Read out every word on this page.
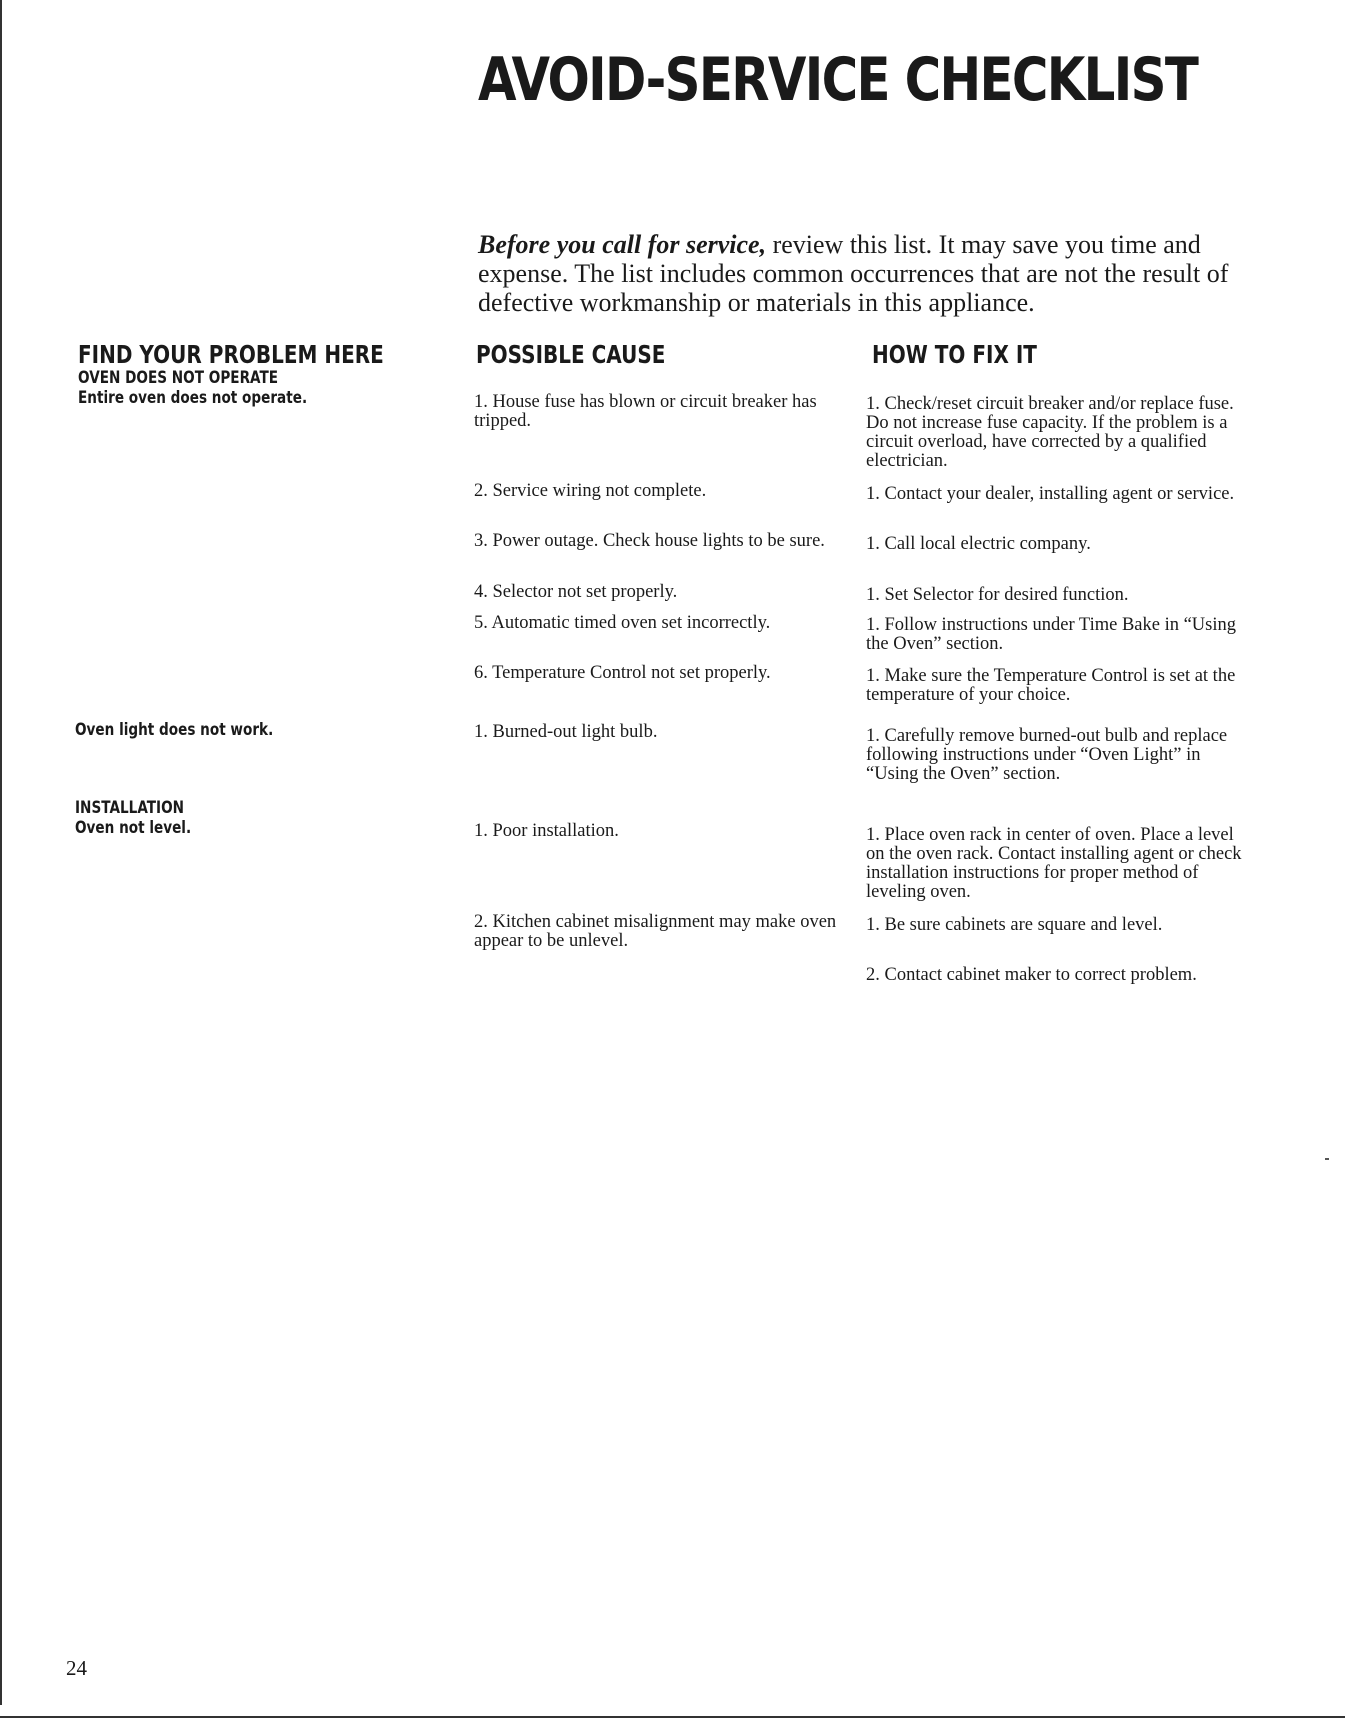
AVOID-SERVICE CHECKLIST

Before you call for service, review this list. It may save you time and expense. The list includes common occurrences that are not the result of defective workmanship or materials in this appliance.

FIND YOUR PROBLEM HERE	POSSIBLE CAUSE	HOW TO FIX IT
OVEN DOES NOT OPERATE
Entire oven does not operate.
Oven light does not work.
INSTALLATION
Oven not level.

1. House fuse has blown or circuit breaker has tripped.

2. Service wiring not complete.

3. Power outage. Check house lights to be sure.

4. Selector not set properly.

5. Automatic timed oven set incorrectly.

6. Temperature Control not set properly.

1. Burned-out light bulb.

1. Poor installation.

2. Kitchen cabinet misalignment may make oven appear to be unlevel.

1. Check/reset circuit breaker and/or replace fuse. Do not increase fuse capacity. If the problem is a circuit overload, have corrected by a qualified electrician.

1. Contact your dealer, installing agent or service.

1. Call local electric company.

1. Set Selector for desired function.

1. Follow instructions under Time Bake in “Using the Oven” section.

1. Make sure the Temperature Control is set at the temperature of your choice.

1. Carefully remove burned-out bulb and replace following instructions under “Oven Light” in “Using the Oven” section.

1. Place oven rack in center of oven. Place a level on the oven rack. Contact installing agent or check installation instructions for proper method of leveling oven.

1. Be sure cabinets are square and level.

2. Contact cabinet maker to correct problem.

24
